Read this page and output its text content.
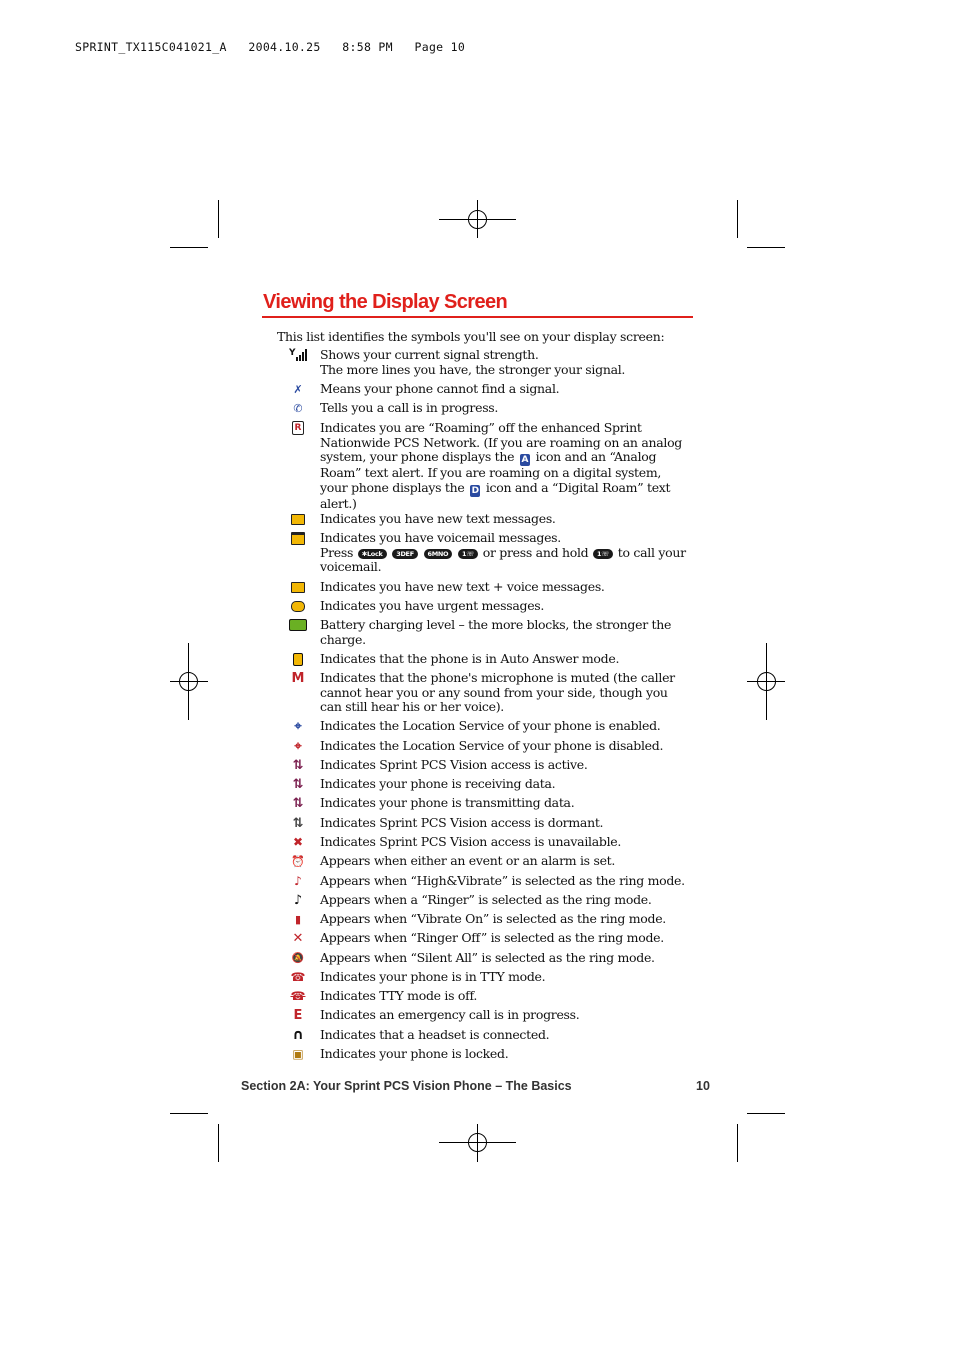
SPRINT_TX115C041021_A   2004.10.25   8:58 PM   Page 10
Viewing the Display Screen

This list identifies the symbols you'll see on your display screen:

Y Shows your current signal strength.
The more lines you have, the stronger your signal.
✗	Means your phone cannot find a signal.
✆	Tells you a call is in progress.
R Indicates you are “Roaming” off the enhanced Sprint Nationwide PCS Network. (If you are roaming on an analog system, your phone displays the A icon and an “Analog Roam” text alert. If you are roaming on a digital system, your phone displays the D icon and a “Digital Roam” text alert.)
Indicates you have new text messages.
Indicates you have voicemail messages.
Press ✱Lock 3DEF 6MNO 1☏ or press and hold 1☏ to call your voicemail.
Indicates you have new text + voice messages.
Indicates you have urgent messages.
Battery charging level – the more blocks, the stronger the charge.
Indicates that the phone is in Auto Answer mode.
M Indicates that the phone's microphone is muted (the caller cannot hear you or any sound from your side, though you can still hear his or her voice).
⌖	Indicates the Location Service of your phone is enabled.
⌖	Indicates the Location Service of your phone is disabled.
⇅ Indicates Sprint PCS Vision access is active.
⇅ Indicates your phone is receiving data.
⇅ Indicates your phone is transmitting data.
⇅ Indicates Sprint PCS Vision access is dormant.
✖	Indicates Sprint PCS Vision access is unavailable.
⏰ Appears when either an event or an alarm is set.
♪	Appears when “High&Vibrate” is selected as the ring mode.
♪	Appears when a “Ringer” is selected as the ring mode.
▮	Appears when “Vibrate On” is selected as the ring mode.
✕ Appears when “Ringer Off” is selected as the ring mode.
🔕 Appears when “Silent All” is selected as the ring mode.
☎ Indicates your phone is in TTY mode.
☎ Indicates TTY mode is off.
E	Indicates an emergency call is in progress.
∩ Indicates that a headset is connected.
▣ Indicates your phone is locked.
Section 2A: Your Sprint PCS Vision Phone – The Basics	10
